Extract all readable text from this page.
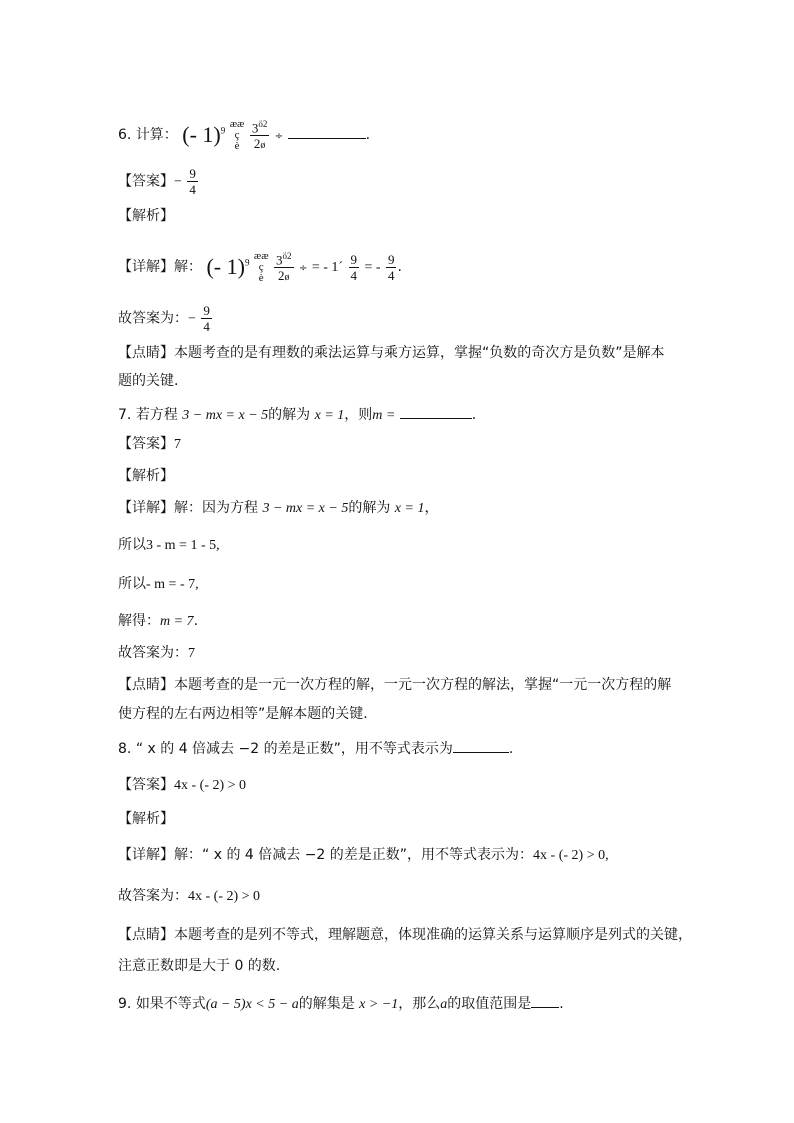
6. 计算： (- 1)$^9$
ææ
ç
è
$\frac{3^{ö2}}{2ø}$ ÷	.
【答案】− $\frac{9}{4}$
【解析】
【详解】解： (- 1)$^9$
ææ
ç
è
$\frac{3^{ö2}}{2ø}$ ÷ = - 1´ $\frac{9}{4}$ = - $\frac{9}{4}$ .
故答案为：− $\frac{9}{4}$
【点睛】本题考查的是有理数的乘法运算与乘方运算，掌握“负数的奇次方是负数”是解本
题的关键.
7. 若方程 3 − mx = x − 5的解为 x = 1，则m =	.
【答案】7
【解析】
【详解】解：因为方程 3 − mx = x − 5的解为 x = 1，
所以3 - m = 1 - 5,
所以- m = - 7,
解得：m = 7.
故答案为：7
【点睛】本题考查的是一元一次方程的解，一元一次方程的解法，掌握“一元一次方程的解
使方程的左右两边相等”是解本题的关键.
8. “ x 的 4 倍减去 −2 的差是正数”，用不等式表示为	.
【答案】4x - (- 2) > 0
【解析】
【详解】解：“ x 的 4 倍减去 −2 的差是正数”，用不等式表示为：4x - (- 2) > 0,
故答案为：4x - (- 2) > 0
【点睛】本题考查的是列不等式，理解题意，体现准确的运算关系与运算顺序是列式的关键，
注意正数即是大于 0 的数.
9. 如果不等式(a − 5)x < 5 − a的解集是 x > −1，那么a的取值范围是 .
